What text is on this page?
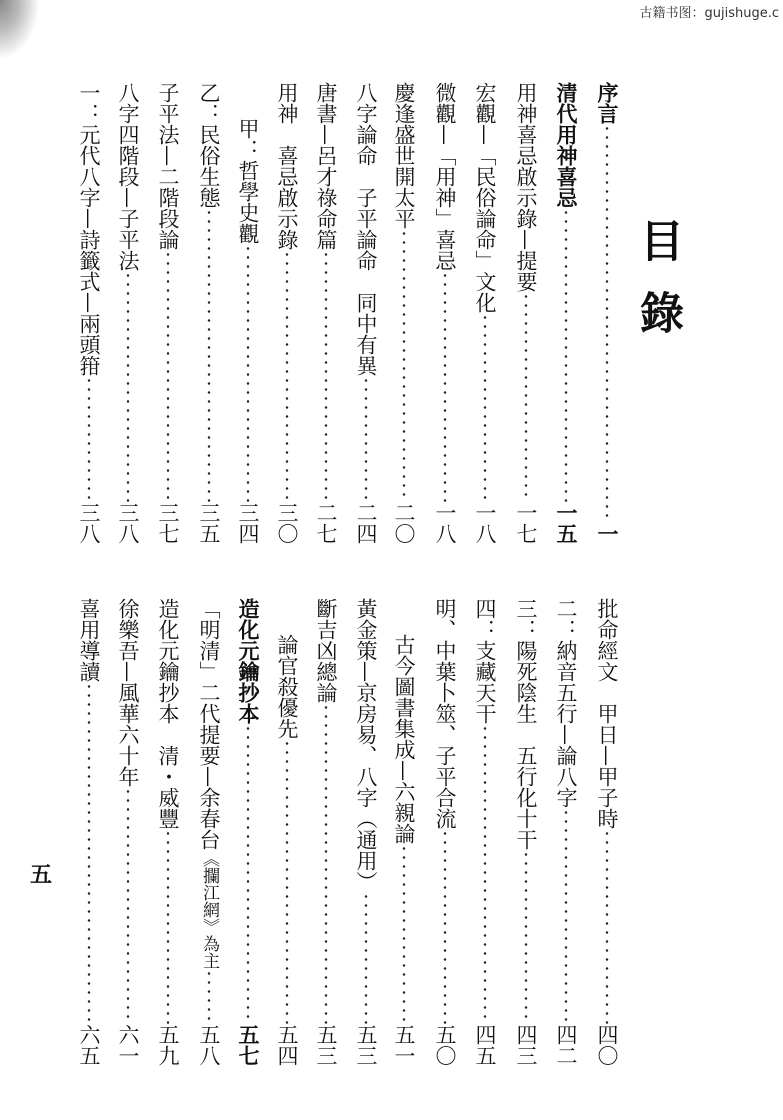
古籍书图：gujishuge.c
目
錄
五
序言
一
清代用神喜忌
一五
用神喜忌啟示錄—提要
一七
宏觀—「民俗論命」文化
一八
微觀—「用神」喜忌
一八
慶逢盛世開太平
二〇
八字論命　子平論命　同中有異
二四
唐書—呂才祿命篇
二七
用神　喜忌啟示錄
三〇
甲：哲學史觀
三四
乙：民俗生態
三五
子平法—二階段論
三七
八字四階段—子平法
三八
一：元代八字—詩籤式—兩頭箝
三八
批命經文　甲日—甲子時
四〇
二：納音五行—論八字
四二
三：陽死陰生　五行化十干
四三
四：支藏天干
四五
明、中葉卜筮、子平合流
五〇
古今圖書集成—六親論
五一
黃金策—京房易、八字（通用）
五三
斷吉凶總論
五三
論官殺優先
五四
造化元鑰抄本
五七
「明清」二代提要—余春台
《攔江網》為主
五八
造化元鑰抄本　清・威豐
五九
徐樂吾—風華六十年
六一
喜用導讀
六五
